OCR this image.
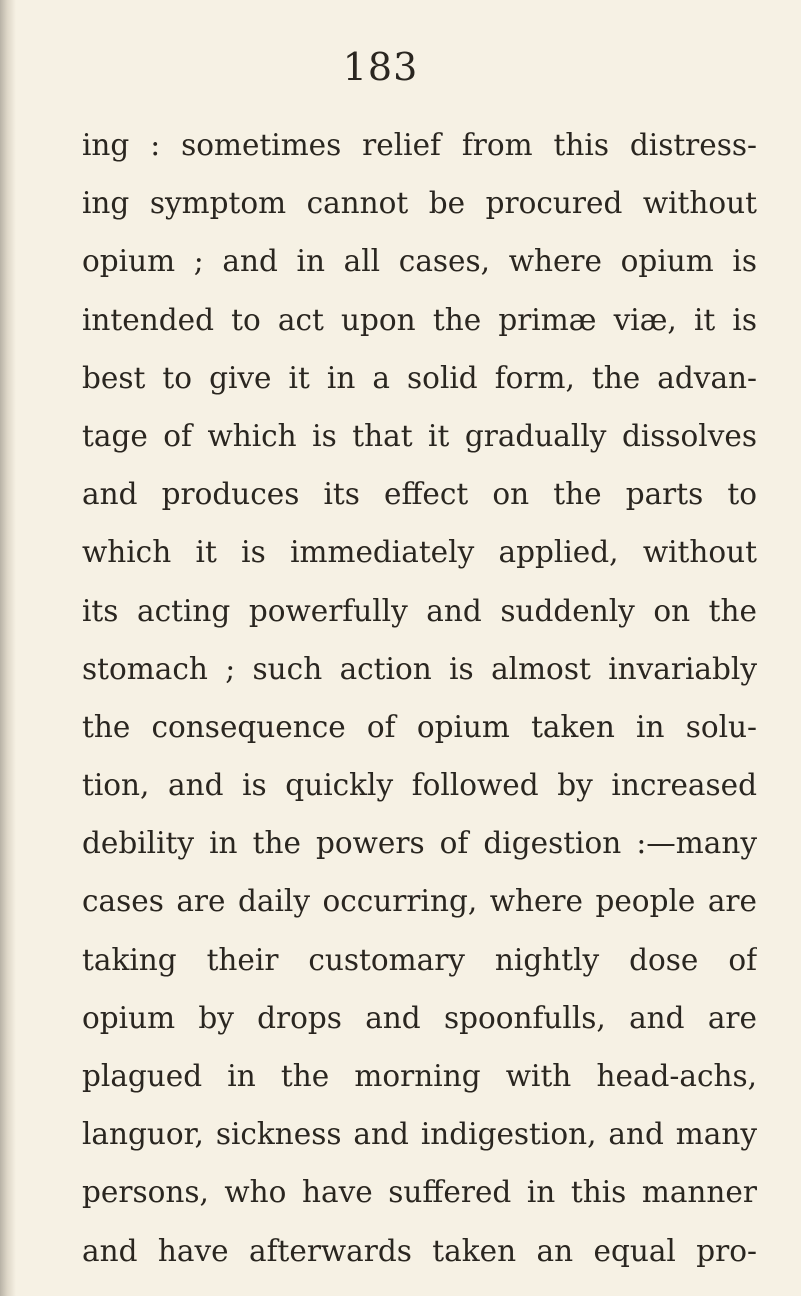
183
ing : sometimes relief from this distress-
ing symptom cannot be procured without
opium ; and in all cases, where opium is
intended to act upon the primæ viæ, it is
best to give it in a solid form, the advan-
tage of which is that it gradually dissolves
and produces its effect on the parts to
which it is immediately applied, without
its acting powerfully and suddenly on the
stomach ; such action is almost invariably
the consequence of opium taken in solu-
tion, and is quickly followed by increased
debility in the powers of digestion :—many
cases are daily occurring, where people are
taking their customary nightly dose of
opium by drops and spoonfulls, and are
plagued in the morning with head-achs,
languor, sickness and indigestion, and many
persons, who have suffered in this manner
and have afterwards taken an equal pro-
